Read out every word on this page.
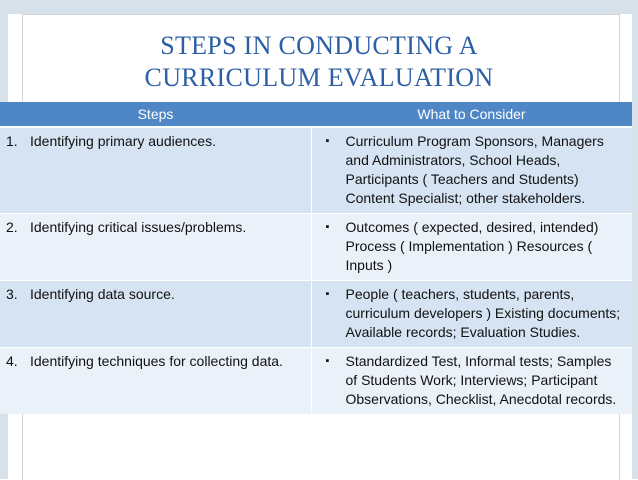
STEPS IN CONDUCTING A
CURRICULUM EVALUATION
Steps	What to Consider

1. Identifying primary audiences.	▪ Curriculum Program Sponsors, Managers and Administrators, School Heads, Participants ( Teachers and Students) Content Specialist; other stakeholders.

2. Identifying critical issues/problems.	▪ Outcomes ( expected, desired, intended) Process ( Implementation ) Resources ( Inputs )

3. Identifying data source.	▪ People ( teachers, students, parents, curriculum developers ) Existing documents; Available records; Evaluation Studies.

4. Identifying techniques for collecting data.	▪ Standardized Test, Informal tests; Samples of Students Work; Interviews; Participant Observations, Checklist, Anecdotal records.
